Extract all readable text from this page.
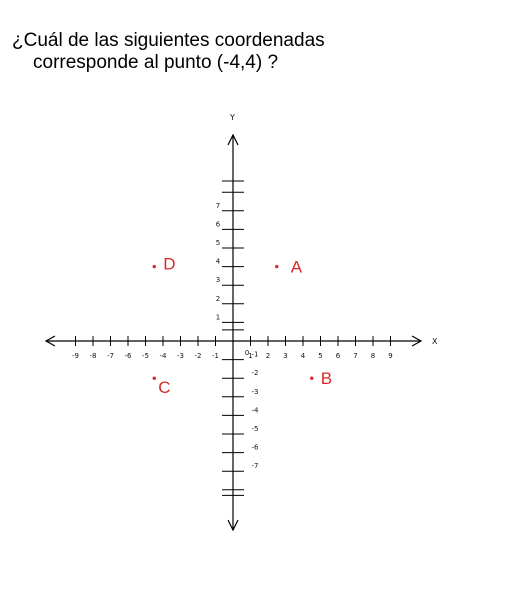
¿Cuál de las siguientes coordenadas
corresponde al punto (-4,4) ?
X
Y
-9 -8 -7 -6 -5 -4 -3 -2 -1	1 2 3 4 5 6 7 8 9
0
1
2
3
4
5
6
7
-1
-2
-3
-4
-5
-6
-7
A
B
C
D
